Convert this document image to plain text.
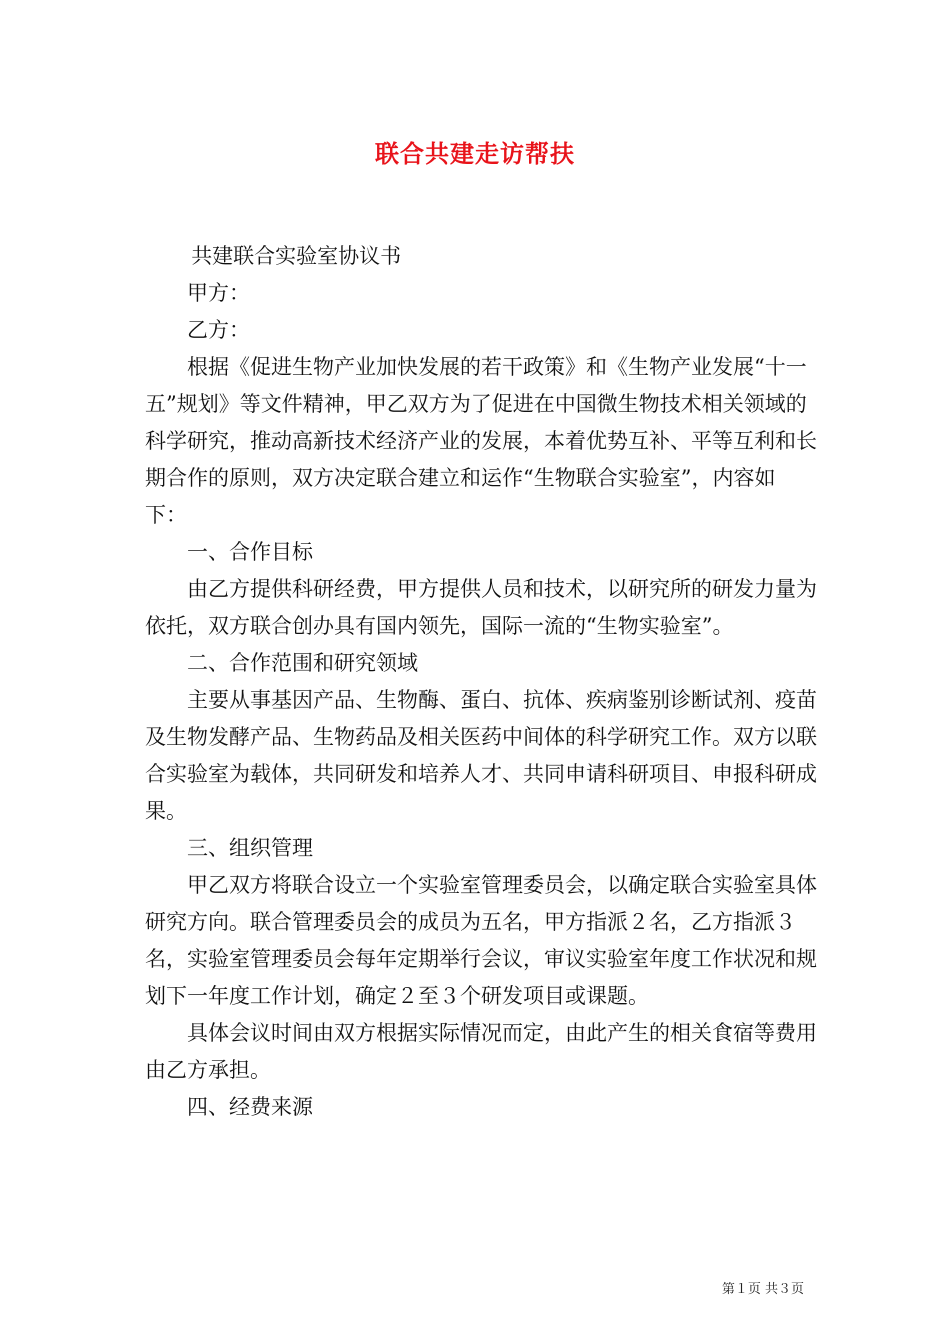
联合共建走访帮扶

共建联合实验室协议书

甲方：

乙方：

根据《促进生物产业加快发展的若干政策》和《生物产业发展“十一五”规划》等文件精神，甲乙双方为了促进在中国微生物技术相关领域的科学研究，推动高新技术经济产业的发展，本着优势互补、平等互利和长期合作的原则，双方决定联合建立和运作“生物联合实验室”，内容如下：

一、合作目标

由乙方提供科研经费，甲方提供人员和技术，以研究所的研发力量为依托，双方联合创办具有国内领先，国际一流的“生物实验室”。

二、合作范围和研究领域

主要从事基因产品、生物酶、蛋白、抗体、疾病鉴别诊断试剂、疫苗及生物发酵产品、生物药品及相关医药中间体的科学研究工作。双方以联合实验室为载体，共同研发和培养人才、共同申请科研项目、申报科研成果。

三、组织管理

甲乙双方将联合设立一个实验室管理委员会，以确定联合实验室具体研究方向。联合管理委员会的成员为五名，甲方指派２名，乙方指派３名，实验室管理委员会每年定期举行会议，审议实验室年度工作状况和规划下一年度工作计划，确定２至３个研发项目或课题。

具体会议时间由双方根据实际情况而定，由此产生的相关食宿等费用由乙方承担。

四、经费来源

第１页 共３页
